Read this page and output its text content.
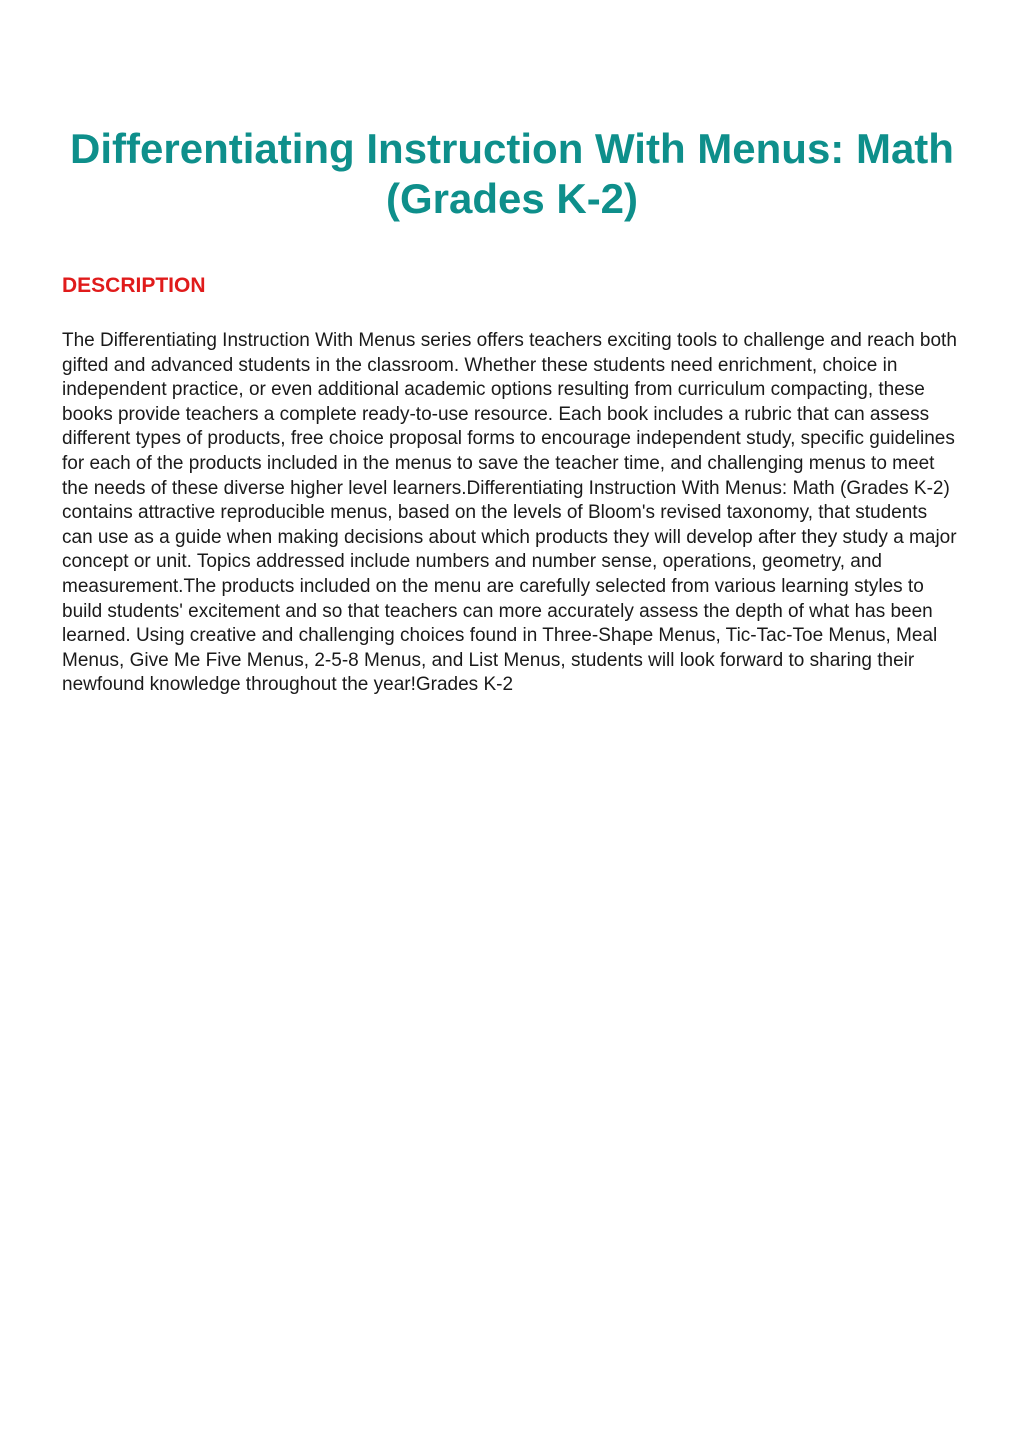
Differentiating Instruction With Menus: Math (Grades K-2)
DESCRIPTION

The Differentiating Instruction With Menus series offers teachers exciting tools to challenge and reach both gifted and advanced students in the classroom. Whether these students need enrichment, choice in independent practice, or even additional academic options resulting from curriculum compacting, these books provide teachers a complete ready-to-use resource. Each book includes a rubric that can assess different types of products, free choice proposal forms to encourage independent study, specific guidelines for each of the products included in the menus to save the teacher time, and challenging menus to meet the needs of these diverse higher level learners.Differentiating Instruction With Menus: Math (Grades K-2) contains attractive reproducible menus, based on the levels of Bloom's revised taxonomy, that students can use as a guide when making decisions about which products they will develop after they study a major concept or unit. Topics addressed include numbers and number sense, operations, geometry, and measurement.The products included on the menu are carefully selected from various learning styles to build students' excitement and so that teachers can more accurately assess the depth of what has been learned. Using creative and challenging choices found in Three-Shape Menus, Tic-Tac-Toe Menus, Meal Menus, Give Me Five Menus, 2-5-8 Menus, and List Menus, students will look forward to sharing their newfound knowledge throughout the year!Grades K-2
